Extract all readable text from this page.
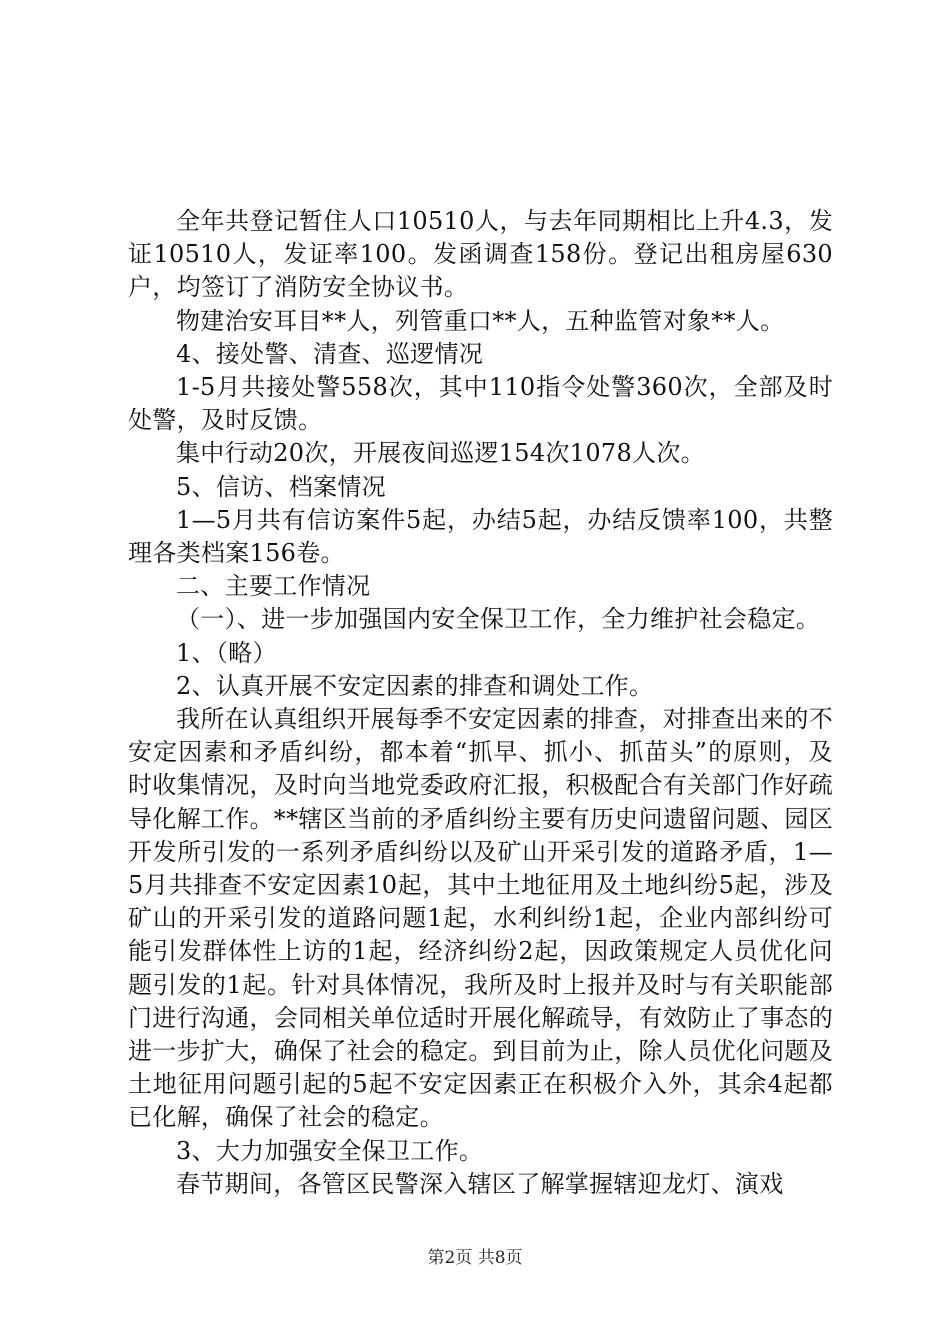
全年共登记暂住人口10510人，与去年同期相比上升4.3，发证10510人，发证率100。发函调查158份。登记出租房屋630户，均签订了消防安全协议书。

物建治安耳目**人，列管重口**人，五种监管对象**人。

4、接处警、清查、巡逻情况

1-5月共接处警558次，其中110指令处警360次，全部及时处警，及时反馈。

集中行动20次，开展夜间巡逻154次1078人次。

5、信访、档案情况

1—5月共有信访案件5起，办结5起，办结反馈率100，共整理各类档案156卷。

二、主要工作情况

（一）、进一步加强国内安全保卫工作，全力维护社会稳定。

1、（略）

2、认真开展不安定因素的排查和调处工作。

我所在认真组织开展每季不安定因素的排查，对排查出来的不安定因素和矛盾纠纷，都本着“抓早、抓小、抓苗头”的原则，及时收集情况，及时向当地党委政府汇报，积极配合有关部门作好疏导化解工作。**辖区当前的矛盾纠纷主要有历史问遗留问题、园区开发所引发的一系列矛盾纠纷以及矿山开采引发的道路矛盾，1—5月共排查不安定因素10起，其中土地征用及土地纠纷5起，涉及矿山的开采引发的道路问题1起，水利纠纷1起，企业内部纠纷可能引发群体性上访的1起，经济纠纷2起，因政策规定人员优化问题引发的1起。针对具体情况，我所及时上报并及时与有关职能部门进行沟通，会同相关单位适时开展化解疏导，有效防止了事态的进一步扩大，确保了社会的稳定。到目前为止，除人员优化问题及土地征用问题引起的5起不安定因素正在积极介入外，其余4起都已化解，确保了社会的稳定。

3、大力加强安全保卫工作。

春节期间，各管区民警深入辖区了解掌握辖迎龙灯、演戏

第2页 共8页
